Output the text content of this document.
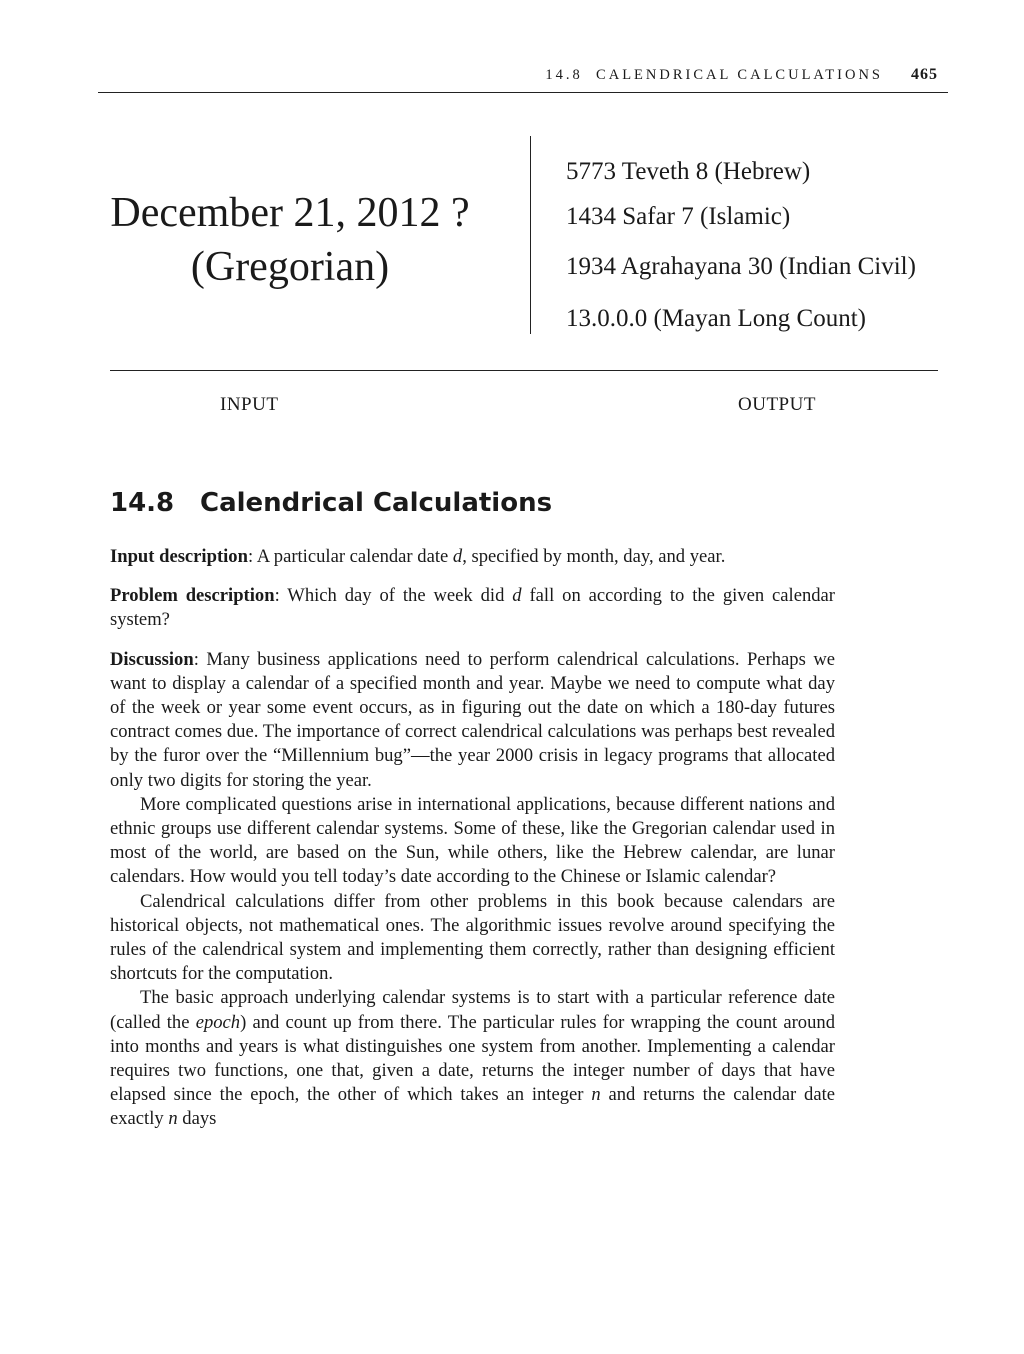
14.8 CALENDRICAL CALCULATIONS 465
December 21, 2012 ?
(Gregorian)
5773 Teveth 8 (Hebrew)
1434 Safar 7 (Islamic)
1934 Agrahayana 30 (Indian Civil)
13.0.0.0 (Mayan Long Count)
INPUT	OUTPUT
14.8 Calendrical Calculations

Input description: A particular calendar date d, specified by month, day, and year.

Problem description: Which day of the week did d fall on according to the given calendar system?

Discussion: Many business applications need to perform calendrical calculations. Perhaps we want to display a calendar of a specified month and year. Maybe we need to compute what day of the week or year some event occurs, as in figuring out the date on which a 180-day futures contract comes due. The importance of correct calendrical calculations was perhaps best revealed by the furor over the “Millennium bug”—the year 2000 crisis in legacy programs that allocated only two digits for storing the year.

More complicated questions arise in international applications, because different nations and ethnic groups use different calendar systems. Some of these, like the Gregorian calendar used in most of the world, are based on the Sun, while others, like the Hebrew calendar, are lunar calendars. How would you tell today’s date according to the Chinese or Islamic calendar?

Calendrical calculations differ from other problems in this book because calendars are historical objects, not mathematical ones. The algorithmic issues revolve around specifying the rules of the calendrical system and implementing them correctly, rather than designing efficient shortcuts for the computation.

The basic approach underlying calendar systems is to start with a particular reference date (called the epoch) and count up from there. The particular rules for wrapping the count around into months and years is what distinguishes one system from another. Implementing a calendar requires two functions, one that, given a date, returns the integer number of days that have elapsed since the epoch, the other of which takes an integer n and returns the calendar date exactly n days
